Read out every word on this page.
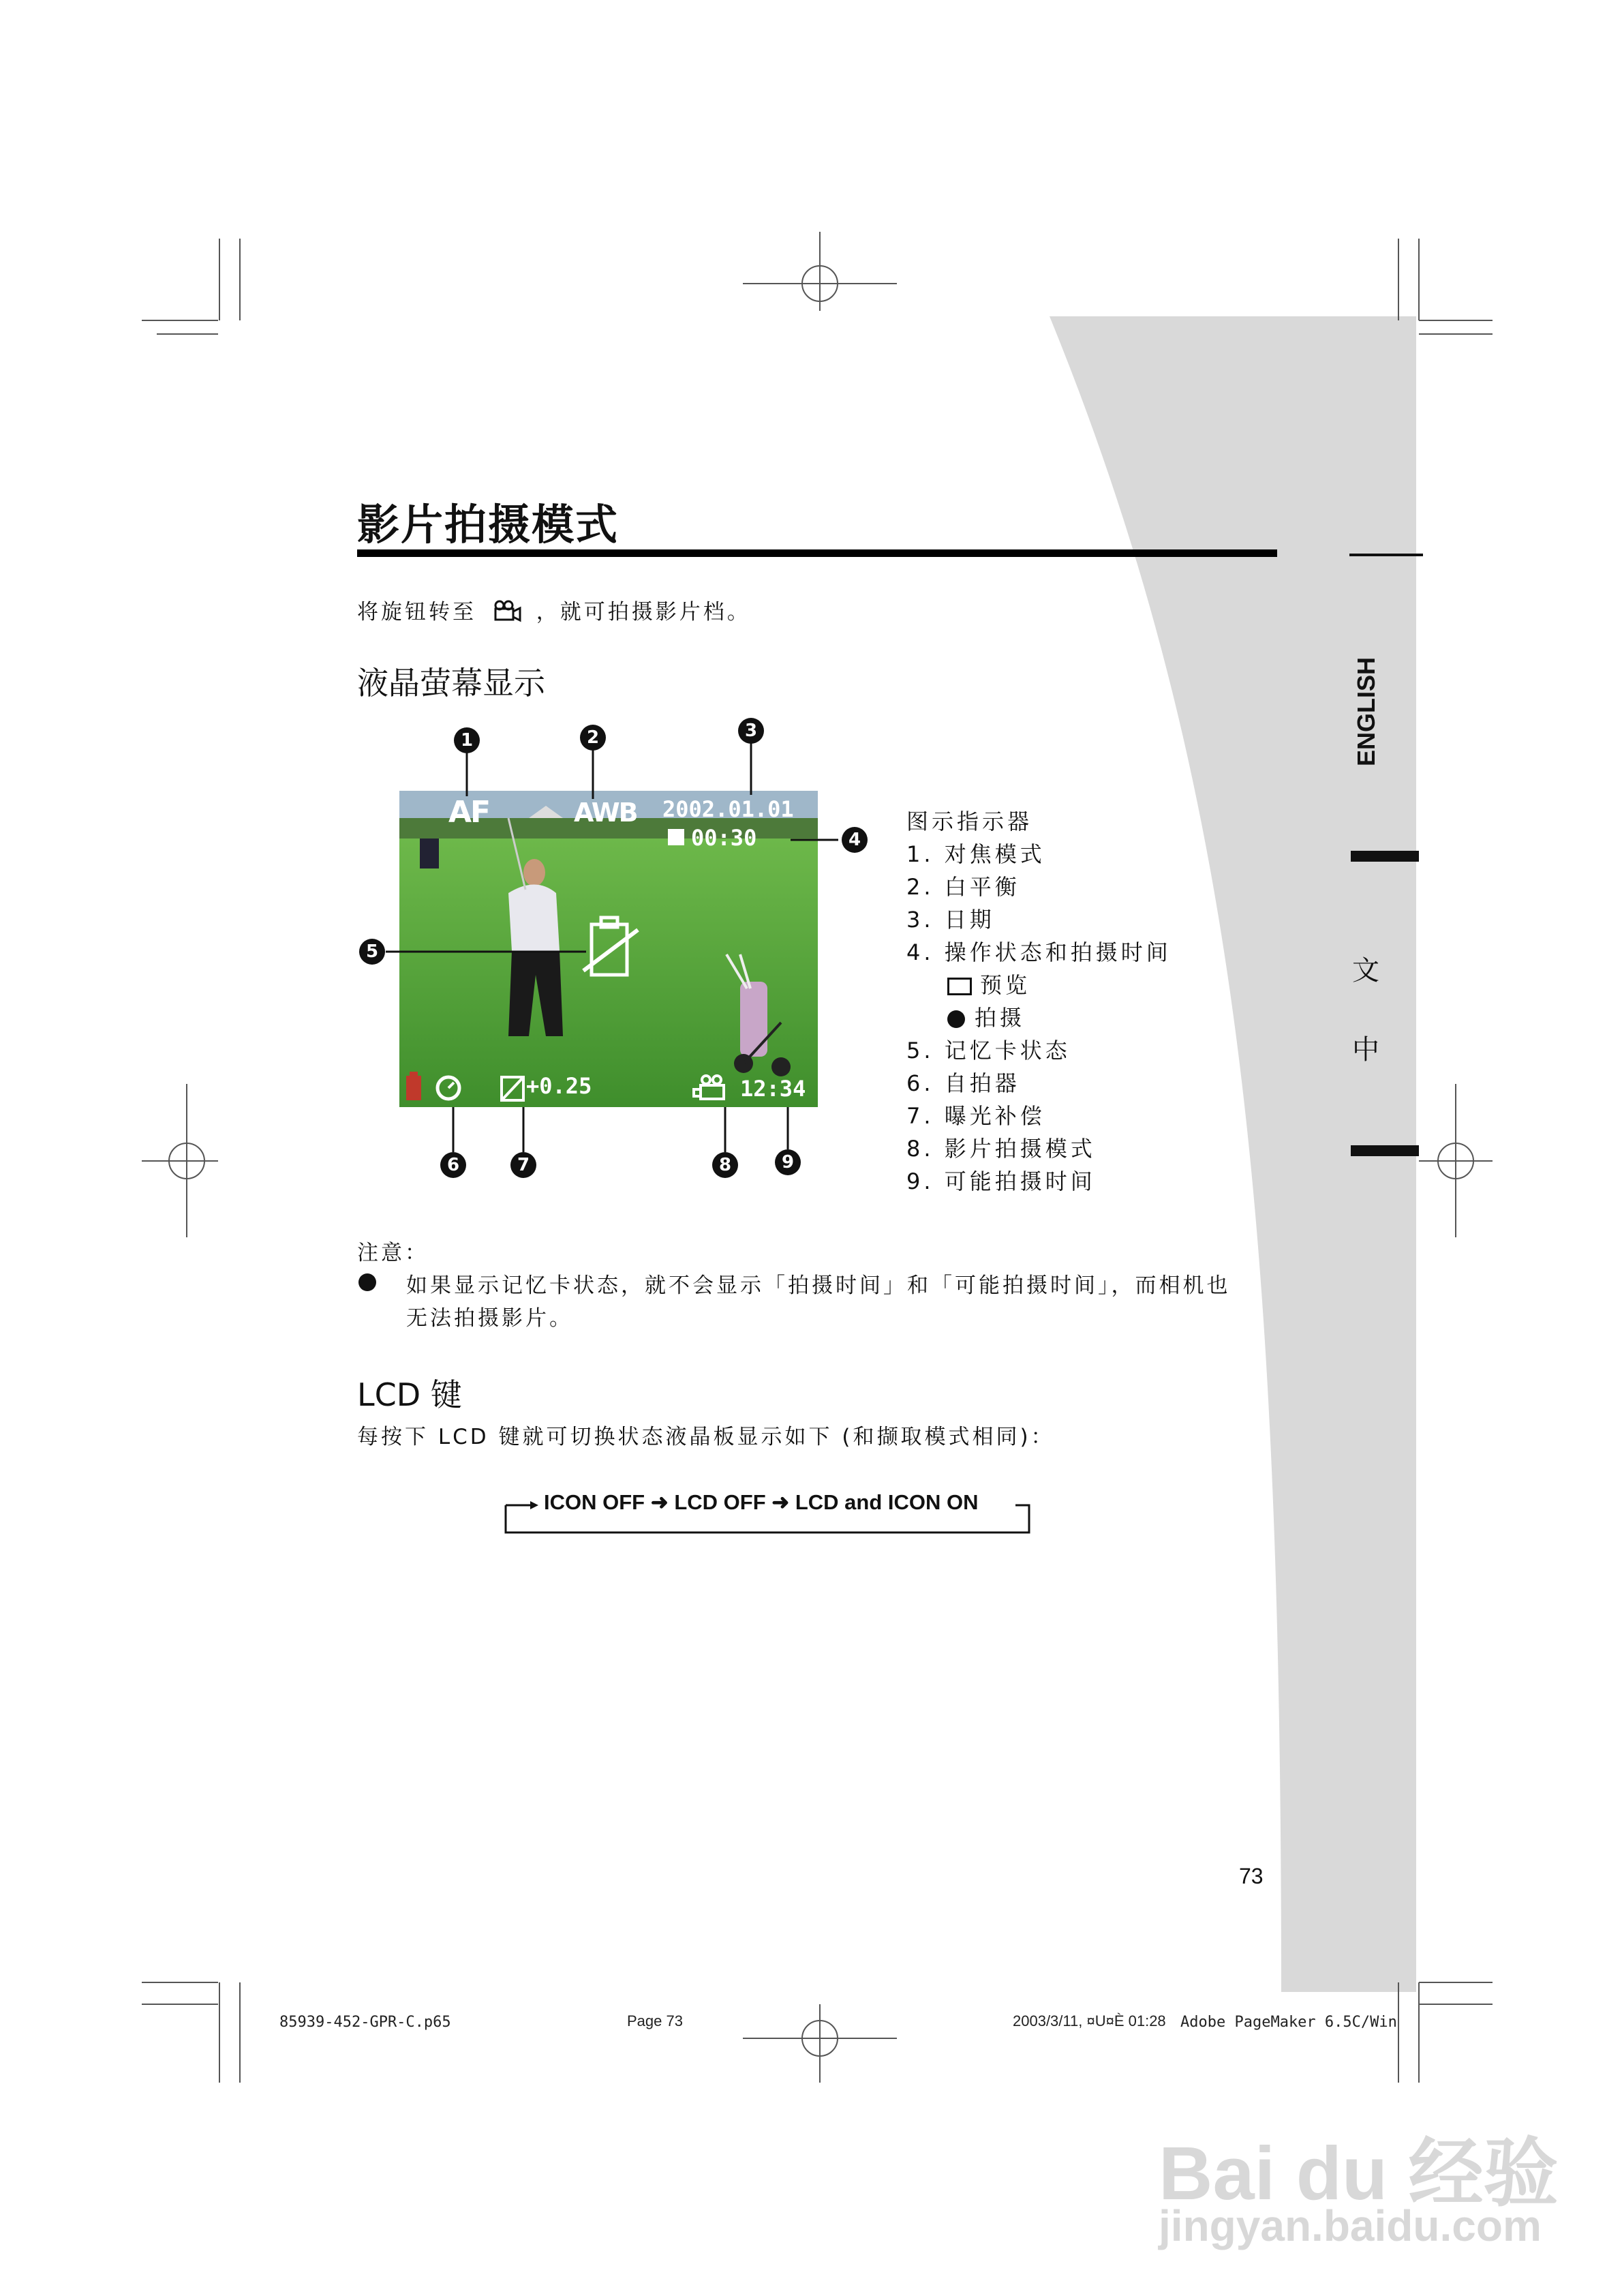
影片拍摄模式
将旋钮转至	，就可拍摄影片档。
液晶萤幕显示
AF	AWB 2002.01.01
00:30
+0.25	12:34
1	2	3
4
5
6	7	8	9
图示指示器
1. 对焦模式
2. 白平衡
3. 日期
4. 操作状态和拍摄时间
预览
拍摄
5. 记忆卡状态
6. 自拍器
7. 曝光补偿
8. 影片拍摄模式
9. 可能拍摄时间
注意：
如果显示记忆卡状态，就不会显示「拍摄时间」和「可能拍摄时间」，而相机也
无法拍摄影片。
LCD 键
每按下 LCD 键就可切换状态液晶板显示如下 (和撷取模式相同)：
ICON OFF ➜ LCD OFF ➜ LCD and ICON ON
ENGLISH
文
中
73
85939-452-GPR-C.p65	Page 73	2003/3/11, ¤U¤È 01:28 Adobe PageMaker 6.5C/Win
Bai du 经验
jingyan.baidu.com
